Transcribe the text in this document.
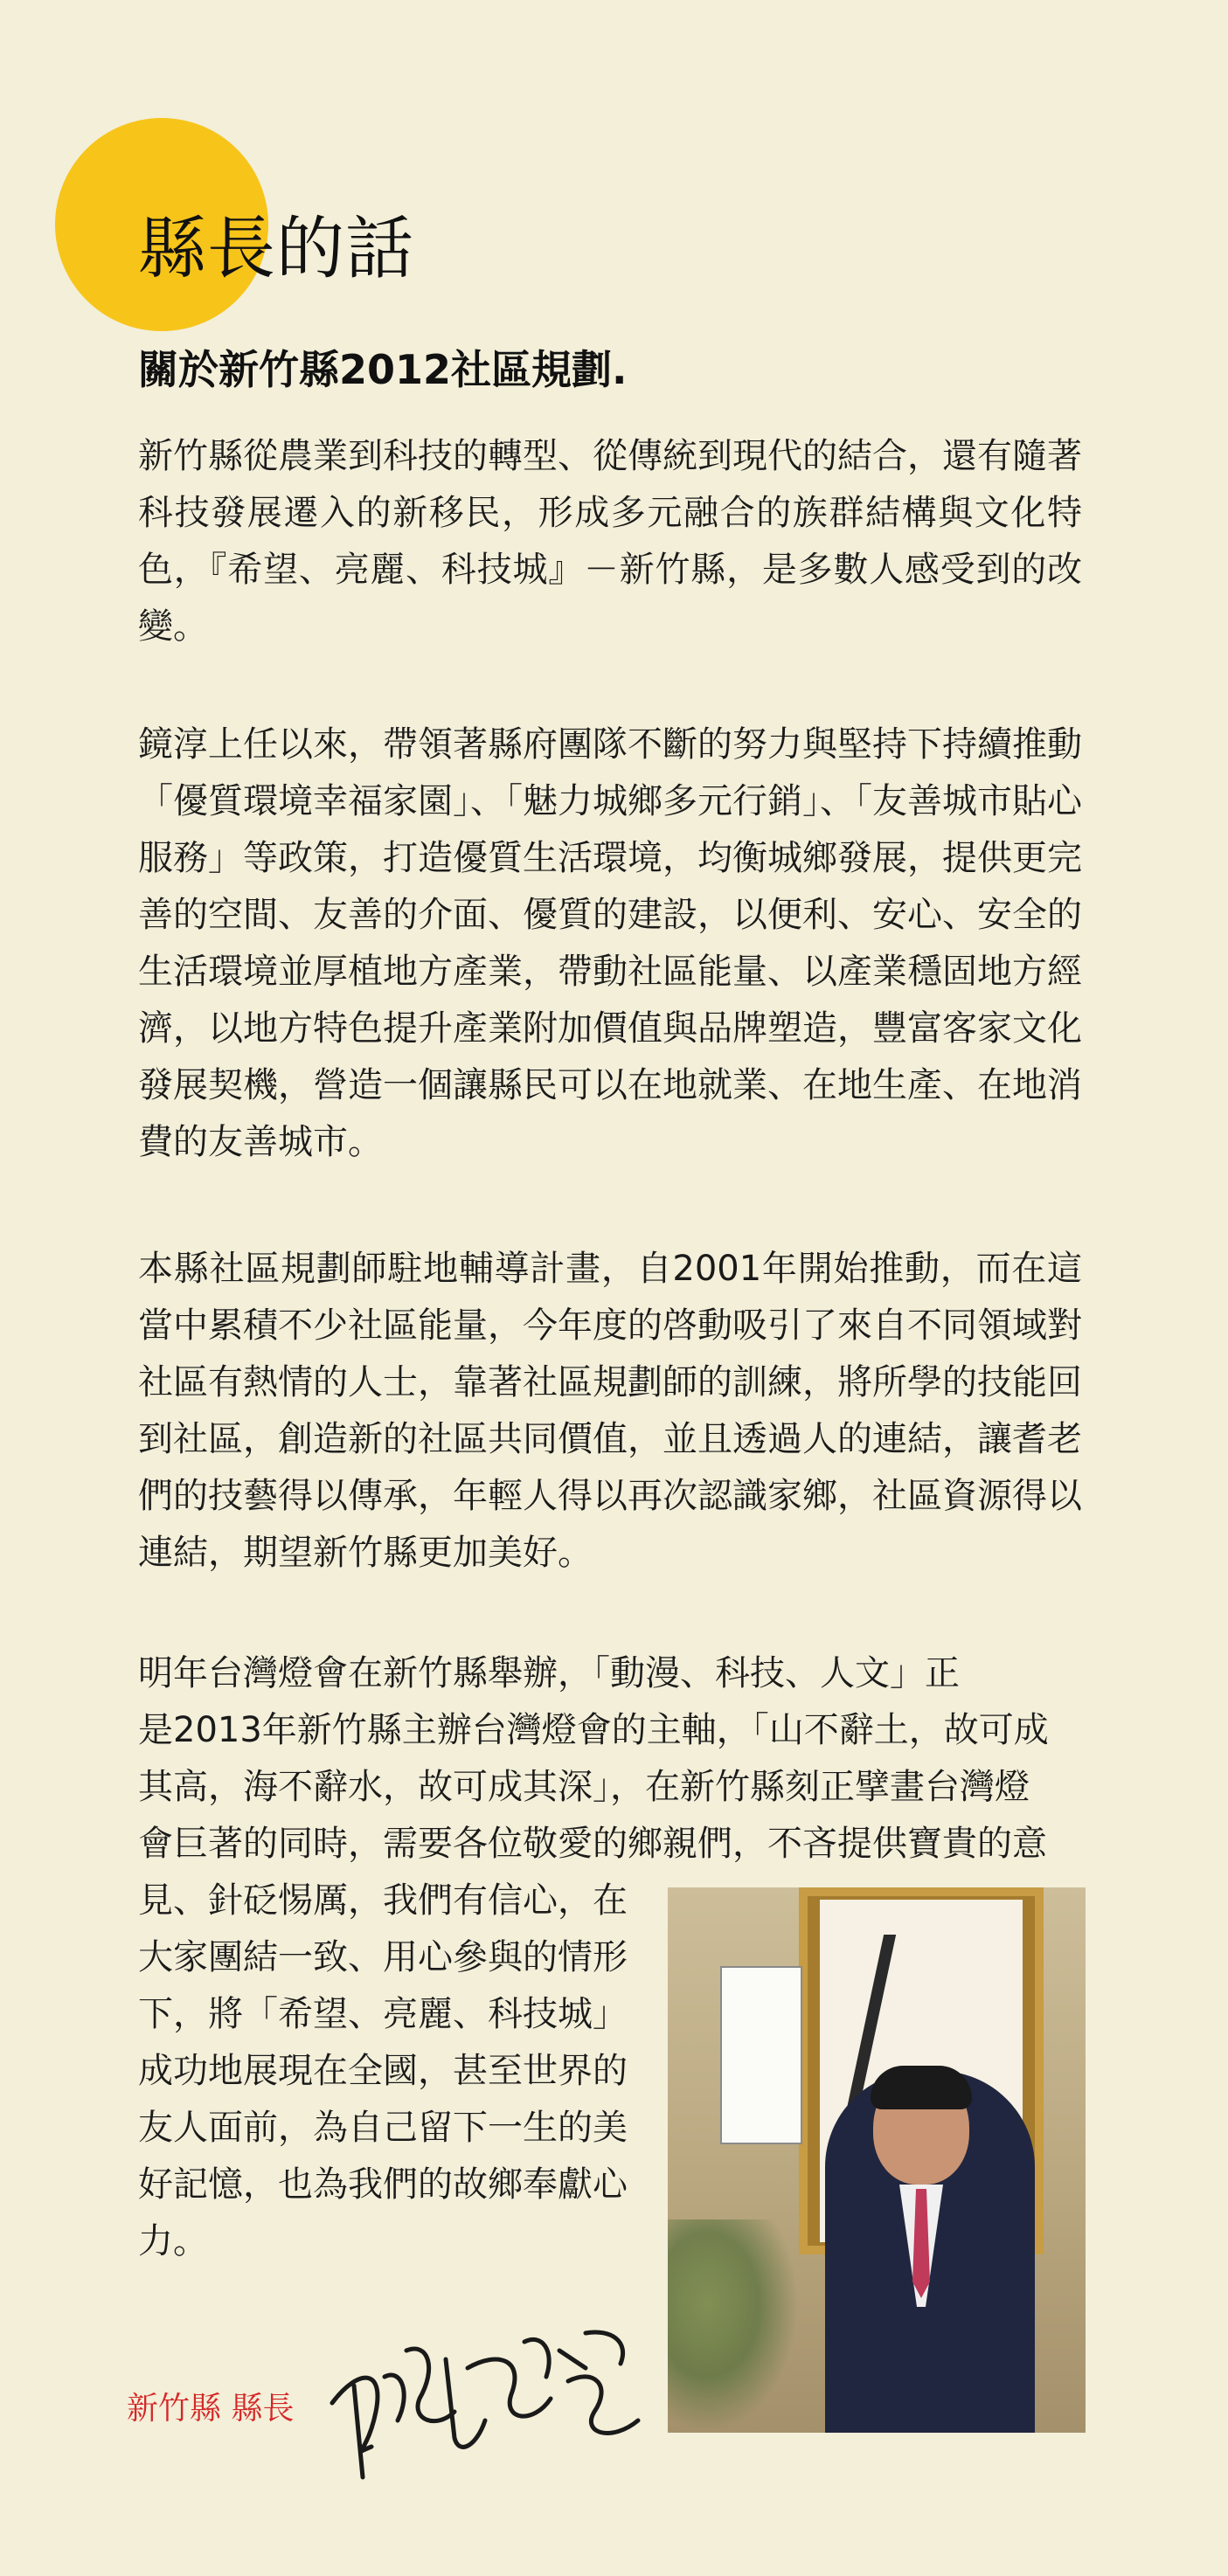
縣長的話
關於新竹縣2012社區規劃.

新竹縣從農業到科技的轉型、從傳統到現代的結合，還有隨著科技發展遷入的新移民，形成多元融合的族群結構與文化特色，『希望、亮麗、科技城』－新竹縣，是多數人感受到的改變。

鏡淳上任以來，帶領著縣府團隊不斷的努力與堅持下持續推動「優質環境幸福家園」、「魅力城鄉多元行銷」、「友善城市貼心服務」等政策，打造優質生活環境，均衡城鄉發展，提供更完善的空間、友善的介面、優質的建設，以便利、安心、安全的生活環境並厚植地方產業，帶動社區能量、以產業穩固地方經濟，以地方特色提升產業附加價值與品牌塑造，豐富客家文化發展契機，營造一個讓縣民可以在地就業、在地生產、在地消費的友善城市。

本縣社區規劃師駐地輔導計畫，自2001年開始推動，而在這當中累積不少社區能量，今年度的啓動吸引了來自不同領域對社區有熱情的人士，靠著社區規劃師的訓練，將所學的技能回到社區，創造新的社區共同價值，並且透過人的連結，讓耆老們的技藝得以傳承，年輕人得以再次認識家鄉，社區資源得以連結，期望新竹縣更加美好。

明年台灣燈會在新竹縣舉辦，「動漫、科技、人文」正
是2013年新竹縣主辦台灣燈會的主軸，「山不辭土，故可成
其高，海不辭水，故可成其深」，在新竹縣刻正擘畫台灣燈
會巨著的同時，需要各位敬愛的鄉親們，不吝提供寶貴的意
見、針砭惕厲，我們有信心，在
大家團結一致、用心參與的情形
下，將「希望、亮麗、科技城」
成功地展現在全國，甚至世界的
友人面前，為自己留下一生的美
好記憶，也為我們的故鄉奉獻心
力。

新竹縣 縣長
